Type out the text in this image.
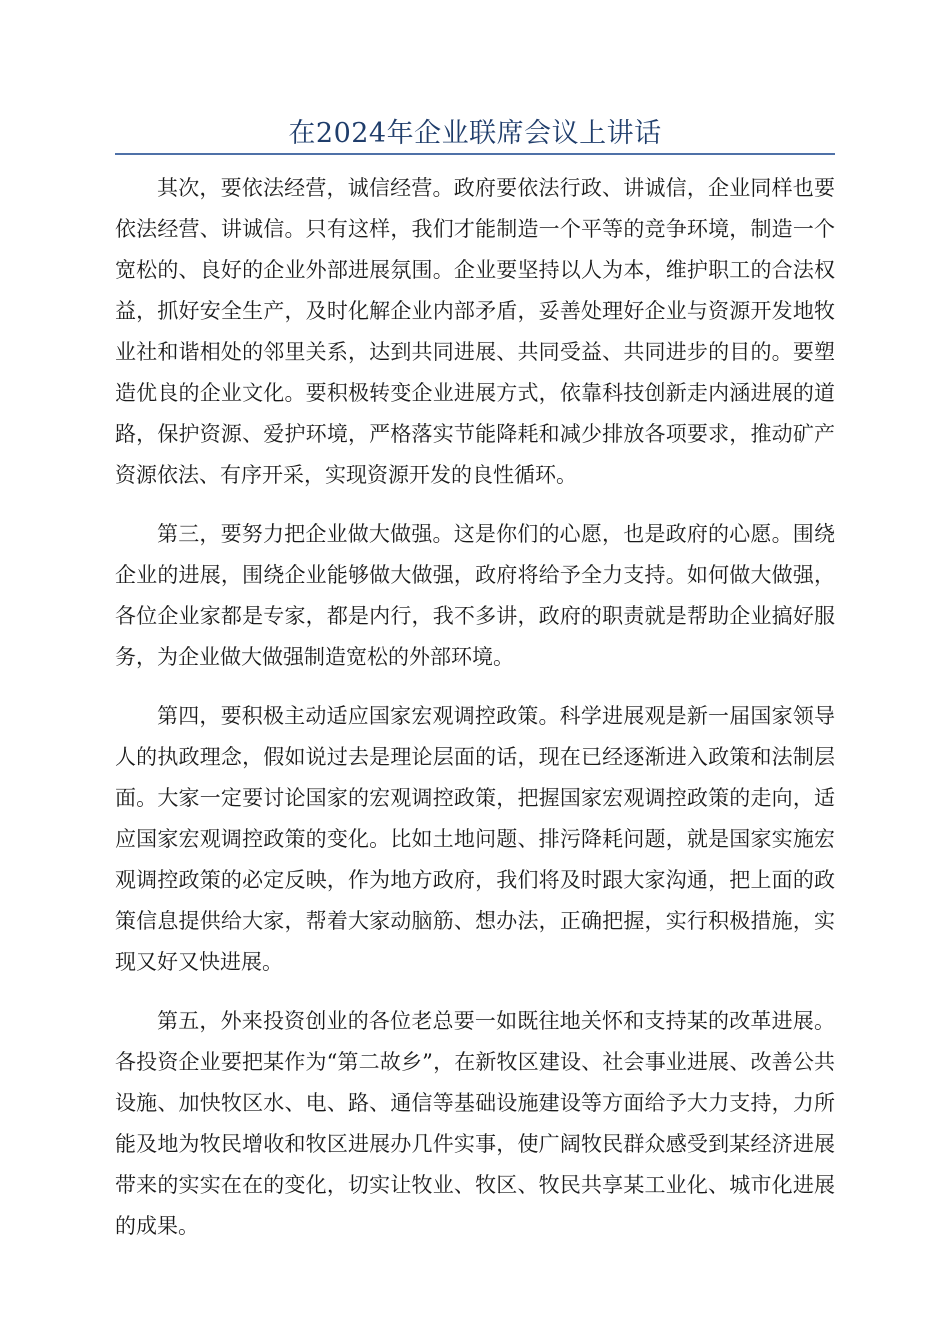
在2024年企业联席会议上讲话

其次，要依法经营，诚信经营。政府要依法行政、讲诚信，企业同样也要依法经营、讲诚信。只有这样，我们才能制造一个平等的竞争环境，制造一个宽松的、良好的企业外部进展氛围。企业要坚持以人为本，维护职工的合法权益，抓好安全生产，及时化解企业内部矛盾，妥善处理好企业与资源开发地牧业社和谐相处的邻里关系，达到共同进展、共同受益、共同进步的目的。要塑造优良的企业文化。要积极转变企业进展方式，依靠科技创新走内涵进展的道路，保护资源、爱护环境，严格落实节能降耗和减少排放各项要求，推动矿产资源依法、有序开采，实现资源开发的良性循环。

第三，要努力把企业做大做强。这是你们的心愿，也是政府的心愿。围绕企业的进展，围绕企业能够做大做强，政府将给予全力支持。如何做大做强，各位企业家都是专家，都是内行，我不多讲，政府的职责就是帮助企业搞好服务，为企业做大做强制造宽松的外部环境。

第四，要积极主动适应国家宏观调控政策。科学进展观是新一届国家领导人的执政理念，假如说过去是理论层面的话，现在已经逐渐进入政策和法制层面。大家一定要讨论国家的宏观调控政策，把握国家宏观调控政策的走向，适应国家宏观调控政策的变化。比如土地问题、排污降耗问题，就是国家实施宏观调控政策的必定反映，作为地方政府，我们将及时跟大家沟通，把上面的政策信息提供给大家，帮着大家动脑筋、想办法，正确把握，实行积极措施，实现又好又快进展。

第五，外来投资创业的各位老总要一如既往地关怀和支持某的改革进展。各投资企业要把某作为“第二故乡”，在新牧区建设、社会事业进展、改善公共设施、加快牧区水、电、路、通信等基础设施建设等方面给予大力支持，力所能及地为牧民增收和牧区进展办几件实事，使广阔牧民群众感受到某经济进展带来的实实在在的变化，切实让牧业、牧区、牧民共享某工业化、城市化进展的成果。
